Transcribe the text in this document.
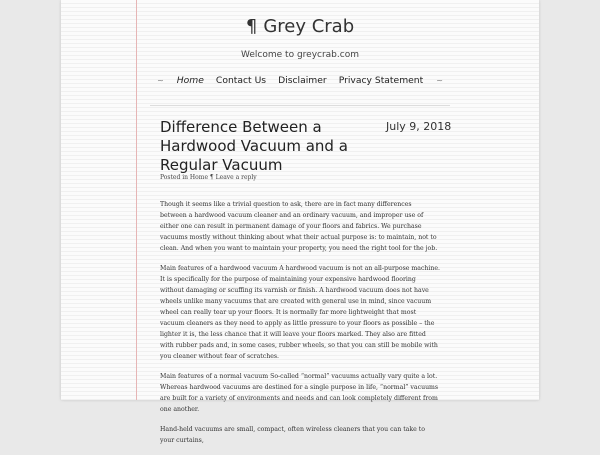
¶ Grey Crab
Welcome to greycrab.com
~ Home Contact Us Disclaimer Privacy Statement ~
Difference Between a Hardwood Vacuum and a Regular Vacuum
July 9, 2018
Posted in Home ¶ Leave a reply

Though it seems like a trivial question to ask, there are in fact many differences between a hardwood vacuum cleaner and an ordinary vacuum, and improper use of either one can result in permanent damage of your floors and fabrics. We purchase vacuums mostly without thinking about what their actual purpose is: to maintain, not to clean. And when you want to maintain your property, you need the right tool for the job.

Main features of a hardwood vacuum A hardwood vacuum is not an all-purpose machine. It is specifically for the purpose of maintaining your expensive hardwood flooring without damaging or scuffing its varnish or finish. A hardwood vacuum does not have wheels unlike many vacuums that are created with general use in mind, since vacuum wheel can really tear up your floors. It is normally far more lightweight that most vacuum cleaners as they need to apply as little pressure to your floors as possible – the lighter it is, the less chance that it will leave your floors marked. They also are fitted with rubber pads and, in some cases, rubber wheels, so that you can still be mobile with you cleaner without fear of scratches.

Main features of a normal vacuum So-called “normal” vacuums actually vary quite a lot. Whereas hardwood vacuums are destined for a single purpose in life, “normal” vacuums are built for a variety of environments and needs and can look completely different from one another.

Hand-held vacuums are small, compact, often wireless cleaners that you can take to your curtains,
